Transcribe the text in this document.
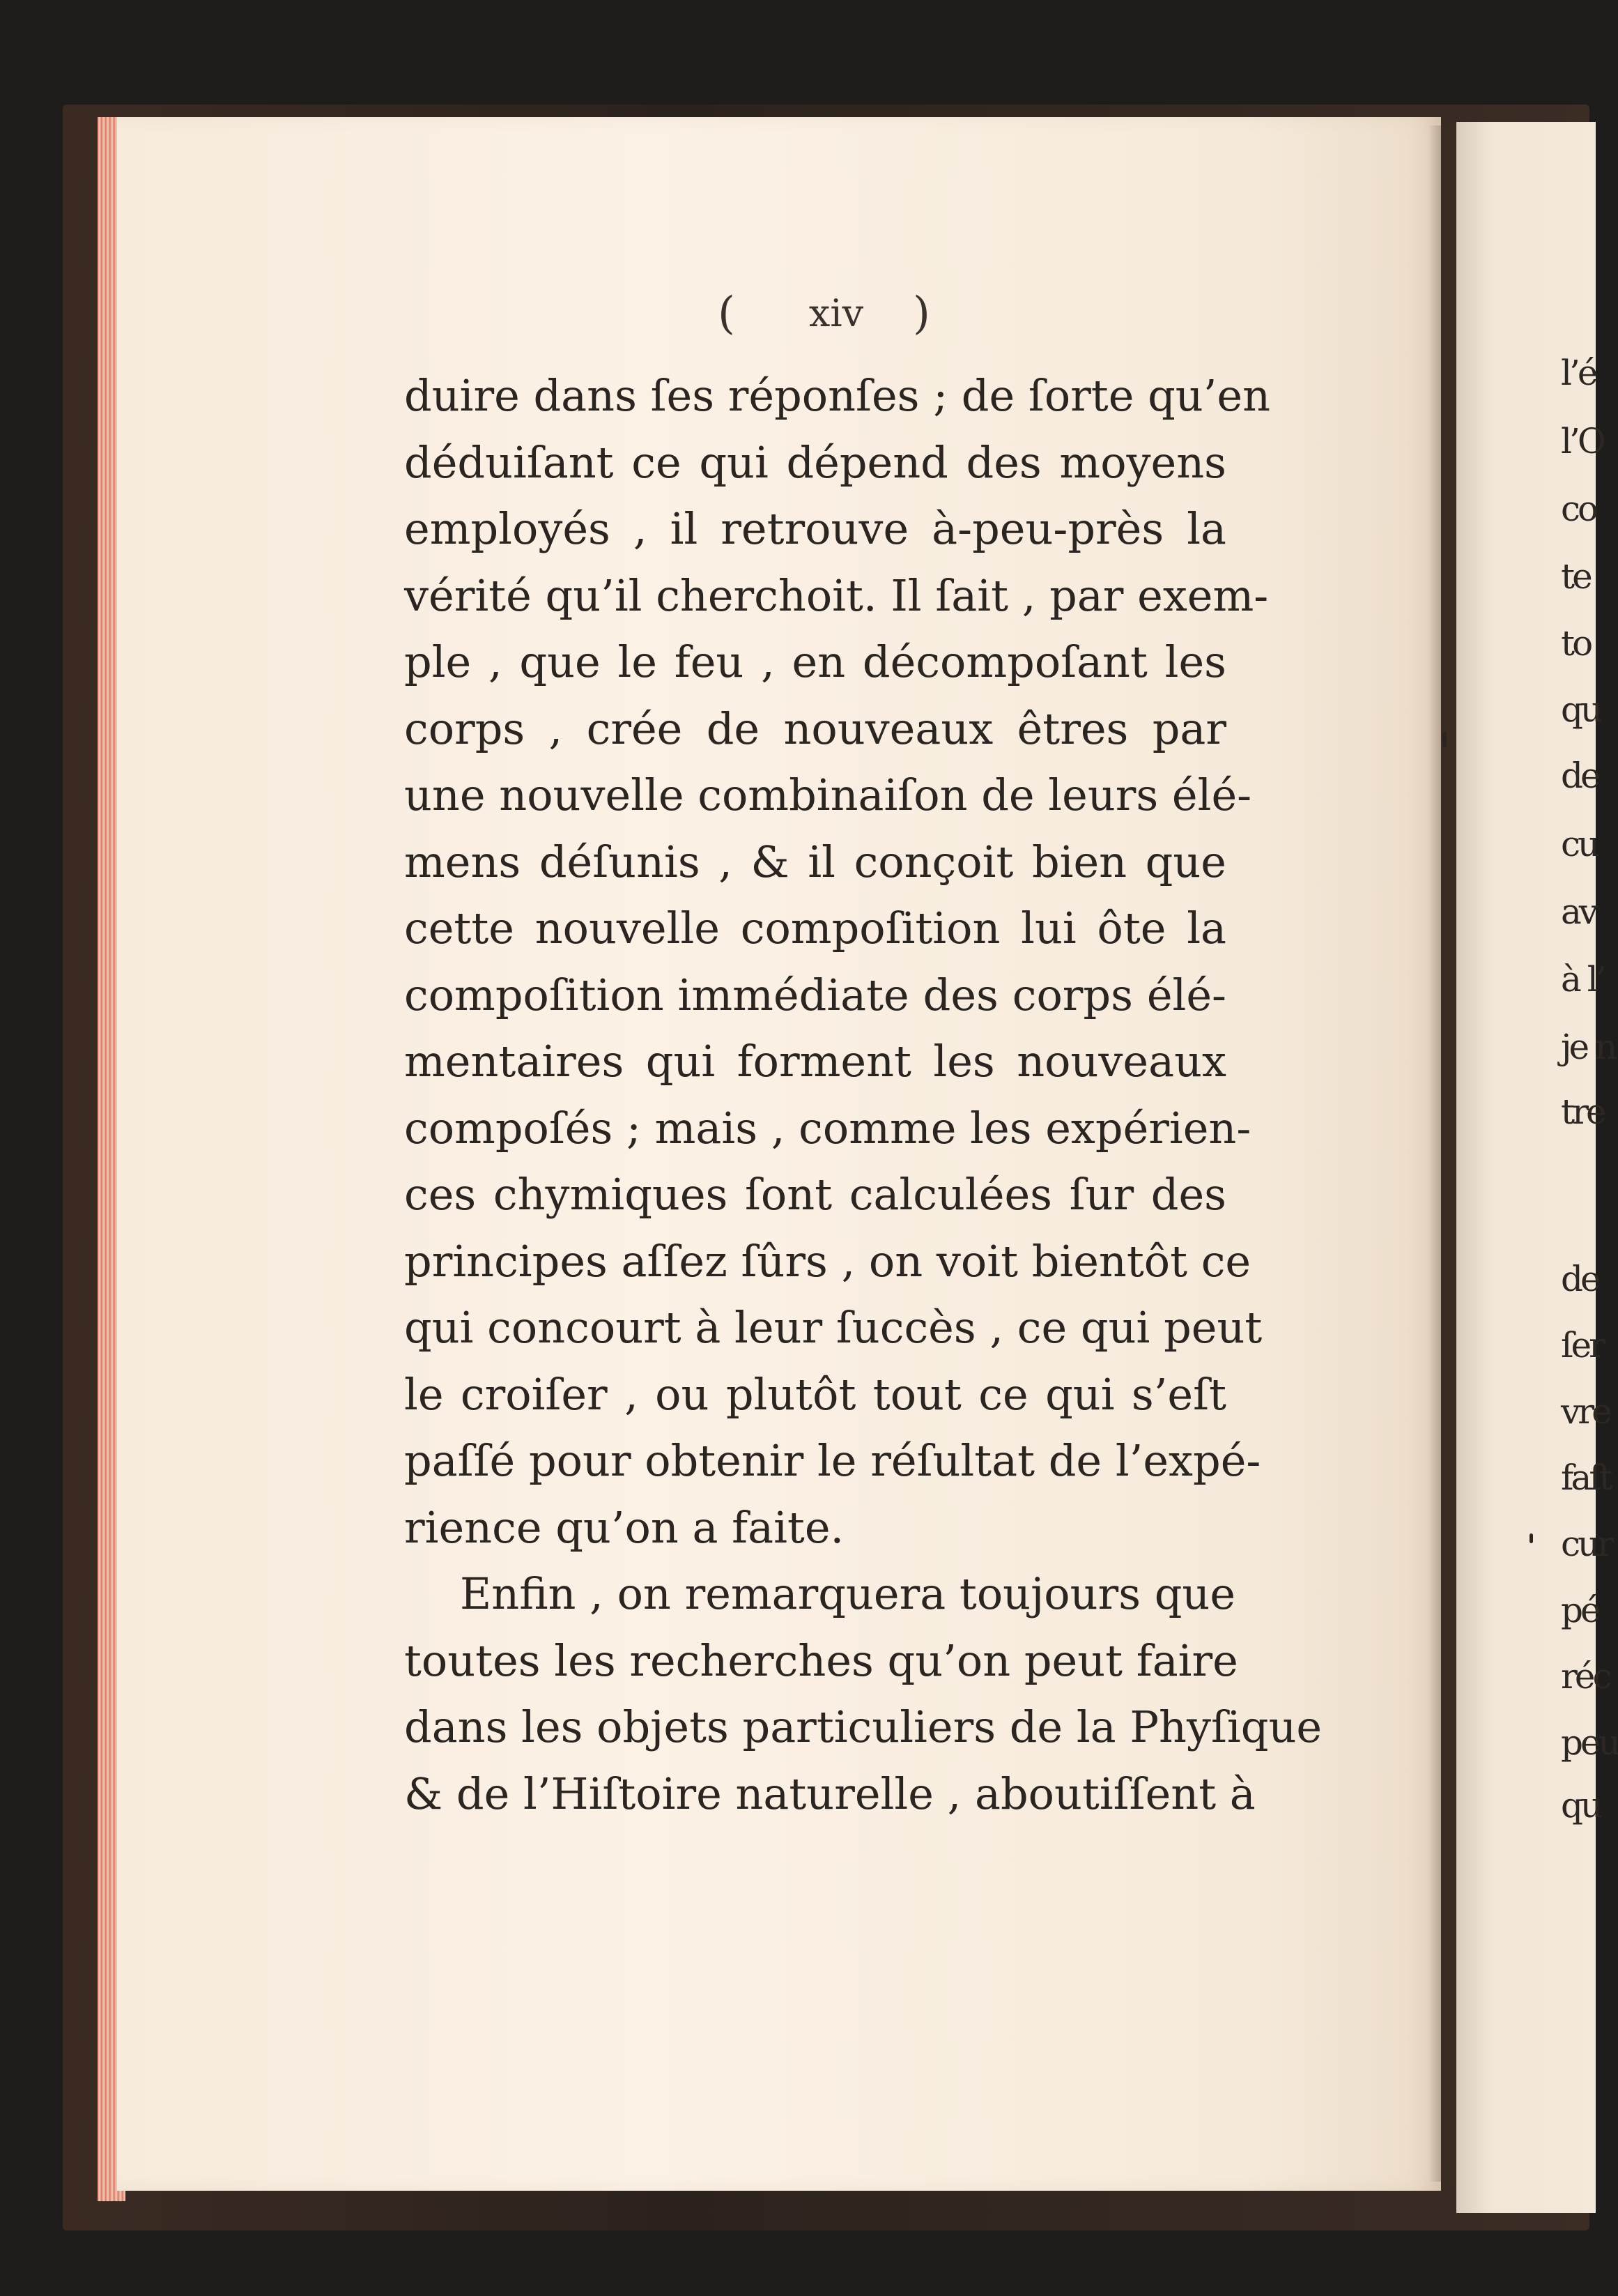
l’é
l’O
co
te
to
qu
de
cu
av
à l’
je n
tre
de
ſer
vre
faſt
cur
pé
réc
peu
qu
(	xiv	)
duire dans ſes réponſes ; de ſorte qu’en
déduiſant ce qui dépend des moyens
employés , il retrouve à-peu-près la
vérité qu’il cherchoit. Il ſait , par exem-
ple , que le feu , en décompoſant les
corps , crée de nouveaux êtres par
une nouvelle combinaiſon de leurs élé-
mens déſunis , & il conçoit bien que
cette nouvelle compoſition lui ôte la
compoſition immédiate des corps élé-
mentaires qui forment les nouveaux
compoſés ; mais , comme les expérien-
ces chymiques ſont calculées ſur des
principes aſſez ſûrs , on voit bientôt ce
qui concourt à leur ſuccès , ce qui peut
le croiſer , ou plutôt tout ce qui s’eſt
paſſé pour obtenir le réſultat de l’expé-
rience qu’on a faite.
Enfin , on remarquera toujours que
toutes les recherches qu’on peut faire
dans les objets particuliers de la Phyſique
& de l’Hiſtoire naturelle , aboutiſſent à
